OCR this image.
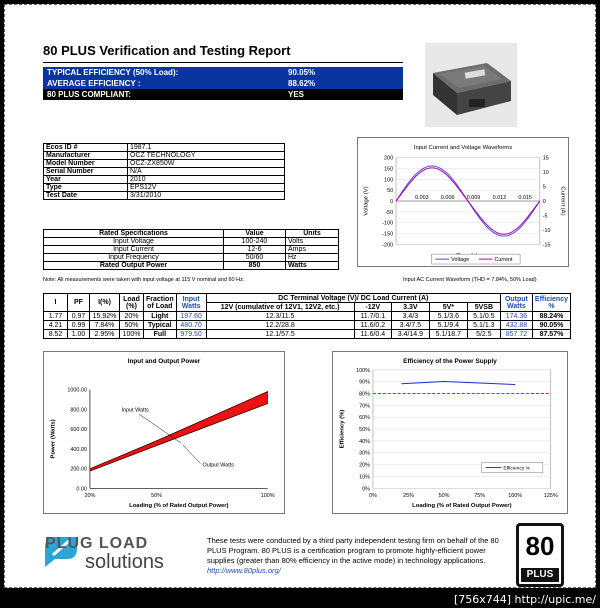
80 PLUS Verification and Testing Report
TYPICAL EFFICIENCY (50% Load):	90.05%
AVERAGE EFFICIENCY :	88.62%
80 PLUS COMPLIANT:	YES
Ecos ID #	1987.1
Manufacturer	OCZ TECHNOLOGY
Model Number	OCZ-ZX850W
Serial Number	N/A
Year	2010
Type	EPS12V
Test Date	3/31/2010
Rated Specifications	Value	Units
Input Voltage	100-240	Volts
Input Current	12-6	Amps
Input Frequency	50/60	Hz
Rated Output Power	850	Watts
Note: All measurements were taken with input voltage at 115 V nominal and 60 Hz.	Input AC Current Waveform (THD = 7.84%, 50% Load)
Input Current and Voltage Waveforms
200
150
100
50
0
-50
-100
-150
-200
15
10
5
0
-5
-10
-15
0.003 0.006 0.009 0.012 0.015
Voltage (V)	Current (A)
Voltage	Current
I	PF	I(%)	Load (%)	Fraction of Load	Input Watts	DC Terminal Voltage (V)/ DC Load Current (A)					Output Watts	Efficiency %
						12V (cumulative of 12V1, 12V2, etc.)	-12V	3.3V	5V*	5VSB		
1.77	0.97	15.92%	20%	Light	197.60	12.3/11.5	11.7/0.1	3.4/3	5.1/3.6	5.1/0.5	174.36	88.24%
4.21	0.99	7.84%	50%	Typical	480.70	12.2/28.8	11.6/0.2	3.4/7.5	5.1/9.4	5.1/1.3	432.88	90.05%
8.52	1.00	2.95%	100%	Full	979.50	12.1/57.5	11.6/0.4	3.4/14.9	5.1/18.7	5/2.5	857.72	87.57%
Input and Output Power
1000.00
800.00
600.00
400.00
200.00
0.00
20%	50%	100%
Input Watts
Output Watts
Loading (% of Rated Output Power)
Power (Watts)
Efficiency of the Power Supply
100%
90%
80%
70%
60%
50%
40%
30%
20%
10%
0%
0%	25%	50%	75%	100%	125%
Efficiency %
Loading (% of Rated Output Power)
Efficiency (%)
PLUG LOAD
solutions
These tests were conducted by a third party independent testing firm on behalf of the 80 PLUS Program. 80 PLUS is a certification program to promote highly-efficient power supplies (greater than 80% efficiency in the active mode) in technology applications. http://www.80plus.org/
80
PLUS
[756x744] http://upic.me/
